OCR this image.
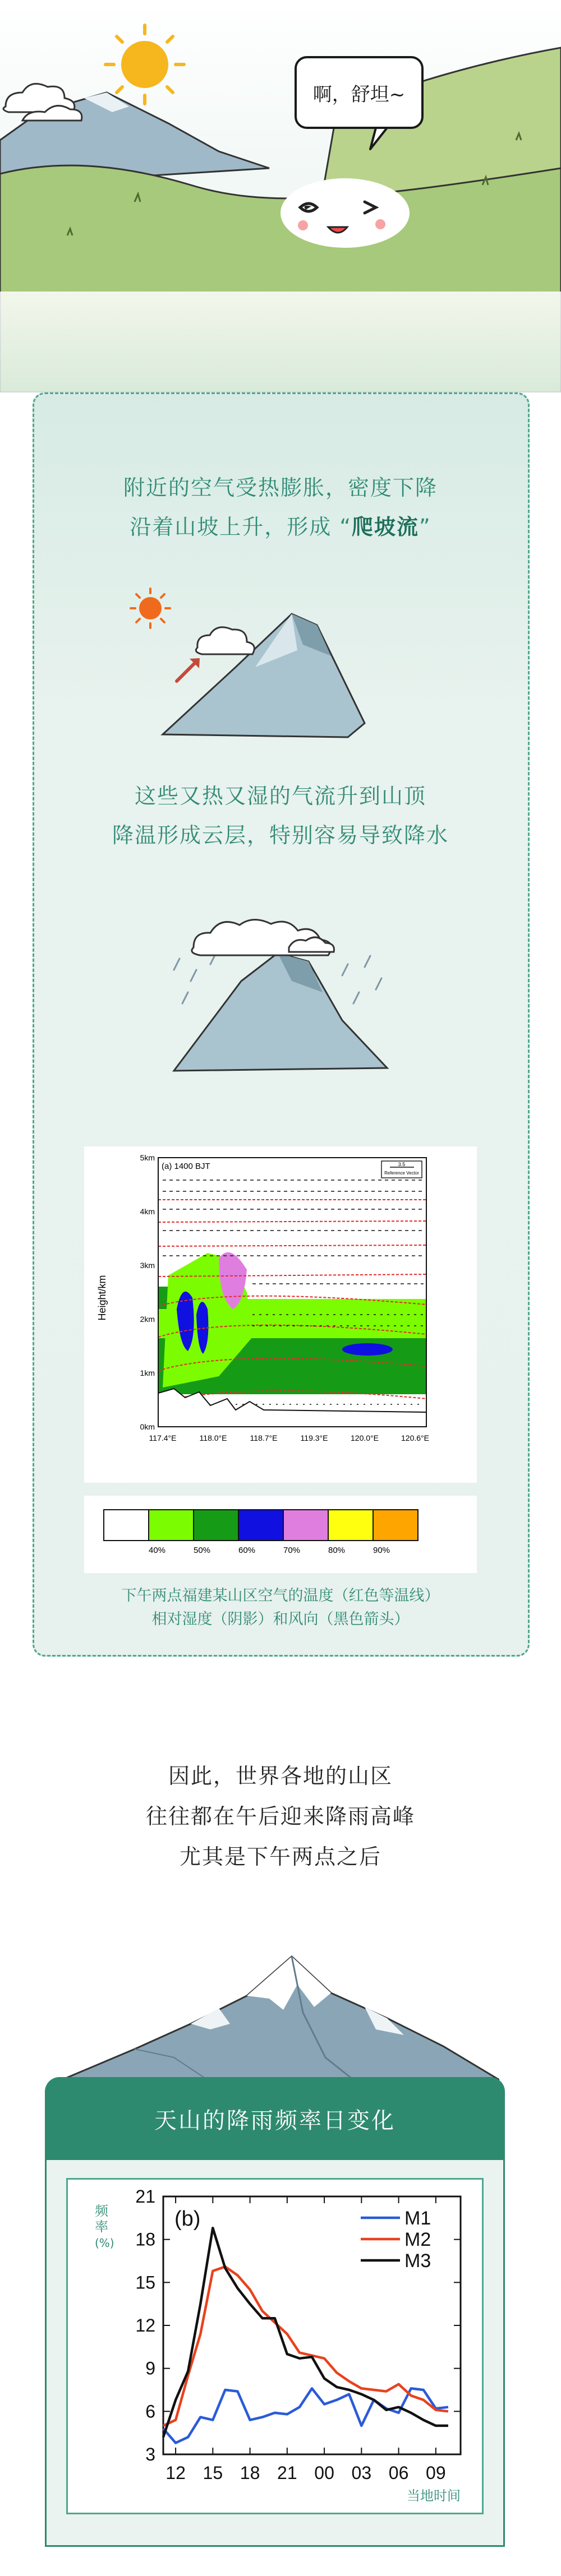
啊，舒坦~
附近的空气受热膨胀，密度下降
沿着山坡上升，形成 “爬坡流”
这些又热又湿的气流升到山顶
降温形成云层，特别容易导致降水
3.5
Reference Vector
(a) 1400 BJT
Height/km
5km
4km
3km
2km
1km
0km
117.4°E	118.0°E	118.7°E	119.3°E	120.0°E	120.6°E
40%	50%	60%	70%	80%	90%
下午两点福建某山区空气的温度（红色等温线）
相对湿度（阴影）和风向（黑色箭头）
因此，世界各地的山区
往往都在午后迎来降雨高峰
尤其是下午两点之后
天山的降雨频率日变化
3
6
9
12
15
18
21
12 15 18 21 00 03 06 09
频
率
(%)
当地时间
(b)	M1
M2
M3
